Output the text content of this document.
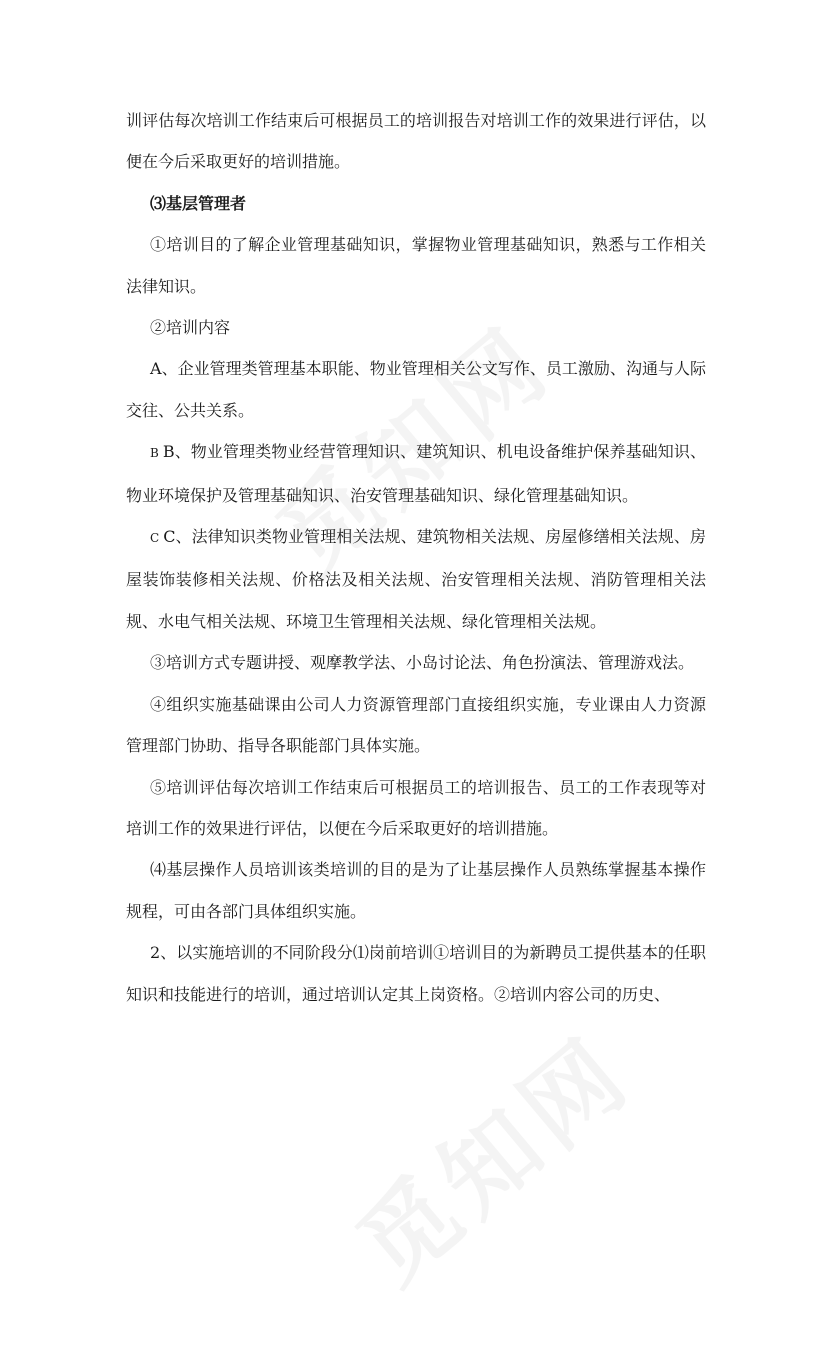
训评估每次培训工作结束后可根据员工的培训报告对培训工作的效果进行评估，以便在今后采取更好的培训措施。

⑶基层管理者

①培训目的了解企业管理基础知识，掌握物业管理基础知识，熟悉与工作相关法律知识。

②培训内容

A、企业管理类管理基本职能、物业管理相关公文写作、员工激励、沟通与人际交往、公共关系。

B B、物业管理类物业经营管理知识、建筑知识、机电设备维护保养基础知识、物业环境保护及管理基础知识、治安管理基础知识、绿化管理基础知识。

C C、法律知识类物业管理相关法规、建筑物相关法规、房屋修缮相关法规、房屋装饰装修相关法规、价格法及相关法规、治安管理相关法规、消防管理相关法规、水电气相关法规、环境卫生管理相关法规、绿化管理相关法规。

③培训方式专题讲授、观摩教学法、小岛讨论法、角色扮演法、管理游戏法。

④组织实施基础课由公司人力资源管理部门直接组织实施，专业课由人力资源管理部门协助、指导各职能部门具体实施。

⑤培训评估每次培训工作结束后可根据员工的培训报告、员工的工作表现等对培训工作的效果进行评估，以便在今后采取更好的培训措施。

⑷基层操作人员培训该类培训的目的是为了让基层操作人员熟练掌握基本操作规程，可由各部门具体组织实施。

2、以实施培训的不同阶段分⑴岗前培训①培训目的为新聘员工提供基本的任职知识和技能进行的培训，通过培训认定其上岗资格。②培训内容公司的历史、
